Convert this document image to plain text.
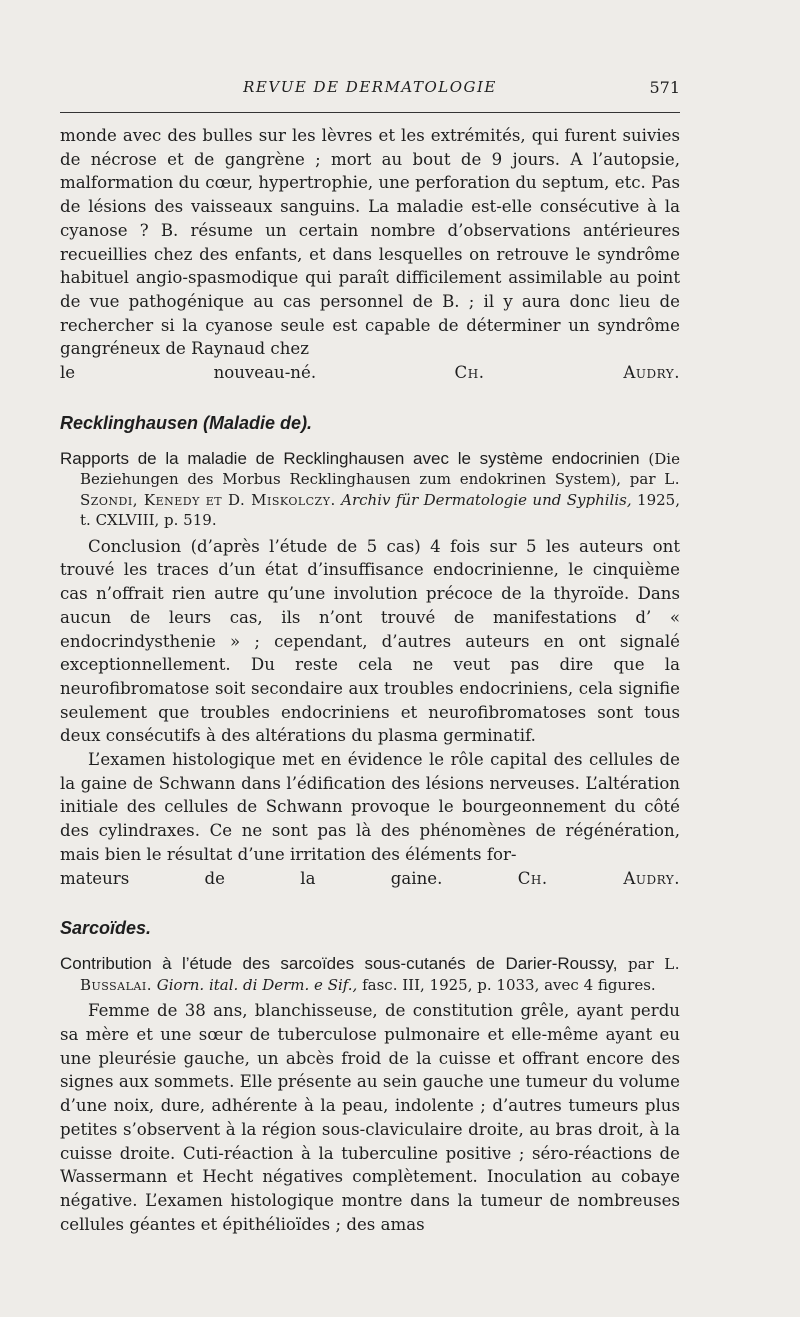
REVUE DE DERMATOLOGIE	571

monde avec des bulles sur les lèvres et les extrémités, qui furent suivies de nécrose et de gangrène ; mort au bout de 9 jours. A l’autopsie, malformation du cœur, hypertrophie, une perforation du septum, etc. Pas de lésions des vaisseaux sanguins. La maladie est-elle consécutive à la cyanose ? B. résume un certain nombre d’observations antérieures recueillies chez des enfants, et dans lesquelles on retrouve le syndrôme habituel angio-spasmodique qui paraît difficilement assimilable au point de vue pathogénique au cas personnel de B. ; il y aura donc lieu de rechercher si la cyanose seule est capable de déterminer un syndrôme gangréneux de Raynaud chez

le nouveau-né.	Ch. Audry.

Recklinghausen (Maladie de).
Rapports de la maladie de Recklinghausen avec le système endocrinien (Die Beziehungen des Morbus Recklinghausen zum endokrinen System), par L. Szondi, Kenedy et D. Miskolczy. Archiv für Dermatologie und Syphilis, 1925, t. CXLVIII, p. 519.

Conclusion (d’après l’étude de 5 cas) 4 fois sur 5 les auteurs ont trouvé les traces d’un état d’insuffisance endocrinienne, le cinquième cas n’offrait rien autre qu’une involution précoce de la thyroïde. Dans aucun de leurs cas, ils n’ont trouvé de manifestations d’ « endocrindysthenie » ; cependant, d’autres auteurs en ont signalé exceptionnellement. Du reste cela ne veut pas dire que la neurofibromatose soit secondaire aux troubles endocriniens, cela signifie seulement que troubles endocriniens et neurofibromatoses sont tous deux consécutifs à des altérations du plasma germinatif.

L’examen histologique met en évidence le rôle capital des cellules de la gaine de Schwann dans l’édification des lésions nerveuses. L’altération initiale des cellules de Schwann provoque le bourgeonnement du côté des cylindraxes. Ce ne sont pas là des phénomènes de régénération, mais bien le résultat d’une irritation des éléments for-

mateurs de la gaine.	Ch. Audry.

Sarcoïdes.
Contribution à l’étude des sarcoïdes sous-cutanés de Darier-Roussy, par L. Bussalai. Giorn. ital. di Derm. e Sif., fasc. III, 1925, p. 1033, avec 4 figures.

Femme de 38 ans, blanchisseuse, de constitution grêle, ayant perdu sa mère et une sœur de tuberculose pulmonaire et elle-même ayant eu une pleurésie gauche, un abcès froid de la cuisse et offrant encore des signes aux sommets. Elle présente au sein gauche une tumeur du volume d’une noix, dure, adhérente à la peau, indolente ; d’autres tumeurs plus petites s’observent à la région sous-claviculaire droite, au bras droit, à la cuisse droite. Cuti-réaction à la tuberculine positive ; séro-réactions de Wassermann et Hecht négatives complètement. Inoculation au cobaye négative. L’examen histologique montre dans la tumeur de nombreuses cellules géantes et épithélioïdes ; des amas
